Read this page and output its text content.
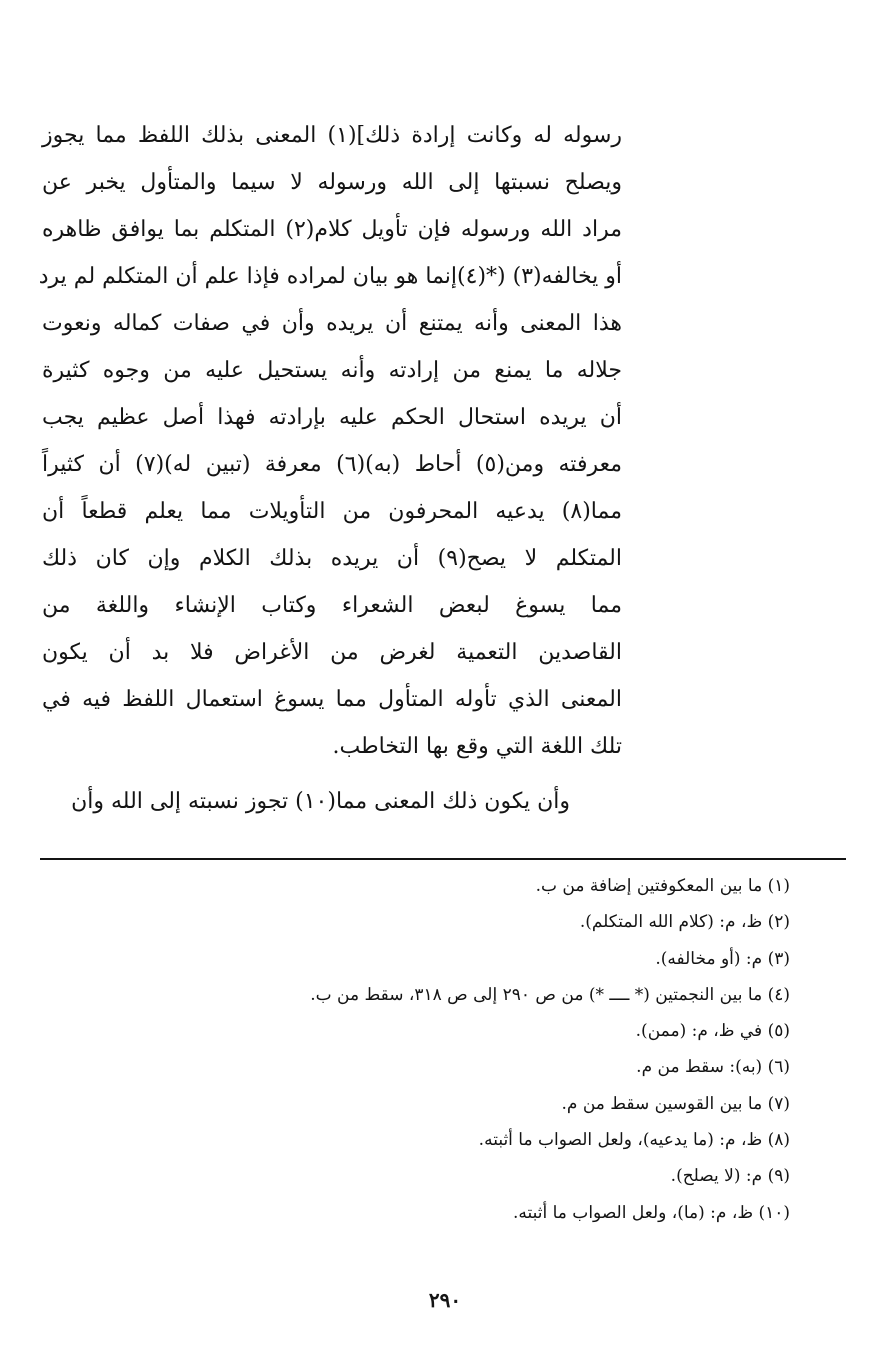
رسوله له وكانت إرادة ذلك](١) المعنى بذلك اللفظ مما يجوز
ويصلح نسبتها إلى الله ورسوله لا سيما والمتأول يخبر عن
مراد الله ورسوله فإن تأويل كلام(٢) المتكلم بما يوافق ظاهره
أو يخالفه(٣) (*(٤)إنما هو بيان لمراده فإذا علم أن المتكلم لم يرد
هذا المعنى وأنه يمتنع أن يريده وأن في صفات كماله ونعوت
جلاله ما يمنع من إرادته وأنه يستحيل عليه من وجوه كثيرة
أن يريده استحال الحكم عليه بإرادته فهذا أصل عظيم يجب
معرفته ومن(٥) أحاط (به)(٦) معرفة (تبين له)(٧) أن كثيراً
مما(٨) يدعيه المحرفون من التأويلات مما يعلم قطعاً أن
المتكلم لا يصح(٩) أن يريده بذلك الكلام وإن كان ذلك
مما يسوغ لبعض الشعراء وكتاب الإنشاء واللغة من
القاصدين التعمية لغرض من الأغراض فلا بد أن يكون
المعنى الذي تأوله المتأول مما يسوغ استعمال اللفظ فيه في
تلك اللغة التي وقع بها التخاطب.
وأن يكون ذلك المعنى مما(١٠) تجوز نسبته إلى الله وأن
(١) ما بين المعكوفتين إضافة من ب.
(٢) ظ، م: (كلام الله المتكلم).
(٣) م: (أو مخالفه).
(٤) ما بين النجمتين (* ــــ *) من ص ٢٩٠ إلى ص ٣١٨، سقط من ب.
(٥) في ظ، م: (ممن).
(٦) (به): سقط من م.
(٧) ما بين القوسين سقط من م.
(٨) ظ، م: (ما يدعيه)، ولعل الصواب ما أثبته.
(٩) م: (لا يصلح).
(١٠) ظ، م: (ما)، ولعل الصواب ما أثبته.
٢٩٠
